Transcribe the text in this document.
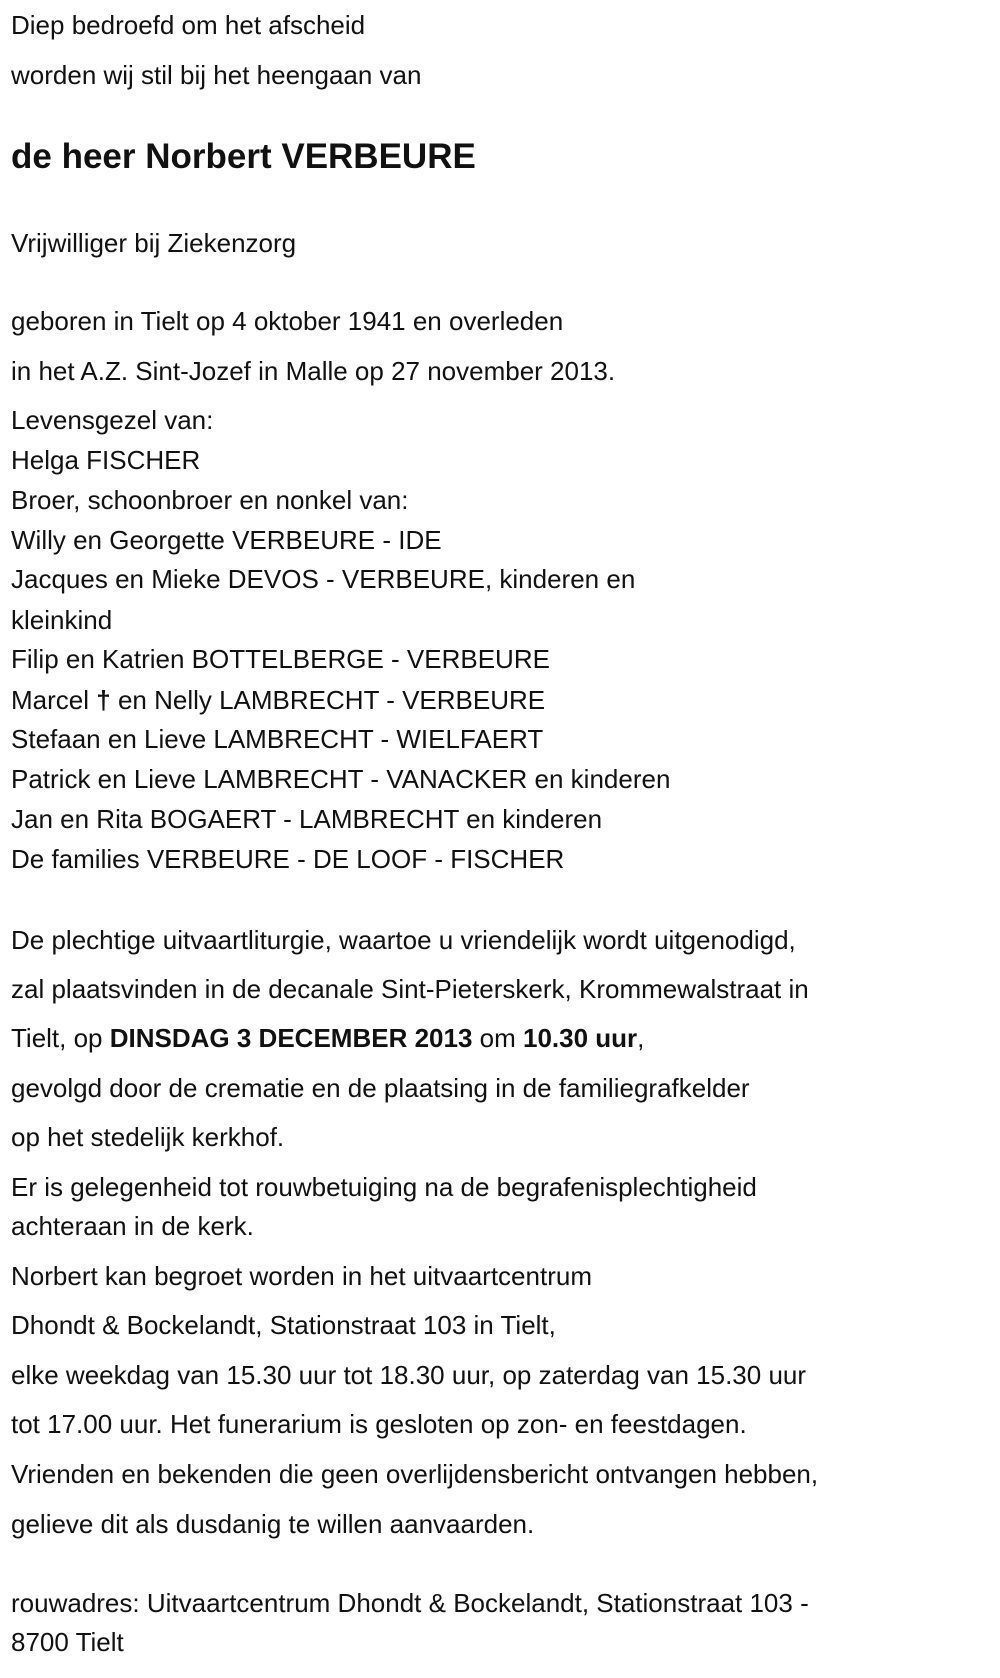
Diep bedroefd om het afscheid
worden wij stil bij het heengaan van
de heer Norbert VERBEURE
Vrijwilliger bij Ziekenzorg
geboren in Tielt op 4 oktober 1941 en overleden
in het A.Z. Sint-Jozef in Malle op 27 november 2013.
Levensgezel van:
Helga FISCHER
Broer, schoonbroer en nonkel van:
Willy en Georgette VERBEURE - IDE
Jacques en Mieke DEVOS - VERBEURE, kinderen en
kleinkind
Filip en Katrien BOTTELBERGE - VERBEURE
Marcel † en Nelly LAMBRECHT - VERBEURE
Stefaan en Lieve LAMBRECHT - WIELFAERT
Patrick en Lieve LAMBRECHT - VANACKER en kinderen
Jan en Rita BOGAERT - LAMBRECHT en kinderen
De families VERBEURE - DE LOOF - FISCHER
De plechtige uitvaartliturgie, waartoe u vriendelijk wordt uitgenodigd,
zal plaatsvinden in de decanale Sint-Pieterskerk, Krommewalstraat in
Tielt, op DINSDAG 3 DECEMBER 2013 om 10.30 uur,
gevolgd door de crematie en de plaatsing in de familiegrafkelder
op het stedelijk kerkhof.
Er is gelegenheid tot rouwbetuiging na de begrafenisplechtigheid
achteraan in de kerk.
Norbert kan begroet worden in het uitvaartcentrum
Dhondt & Bockelandt, Stationstraat 103 in Tielt,
elke weekdag van 15.30 uur tot 18.30 uur, op zaterdag van 15.30 uur
tot 17.00 uur. Het funerarium is gesloten op zon- en feestdagen.
Vrienden en bekenden die geen overlijdensbericht ontvangen hebben,
gelieve dit als dusdanig te willen aanvaarden.
rouwadres: Uitvaartcentrum Dhondt & Bockelandt, Stationstraat 103 -
8700 Tielt
